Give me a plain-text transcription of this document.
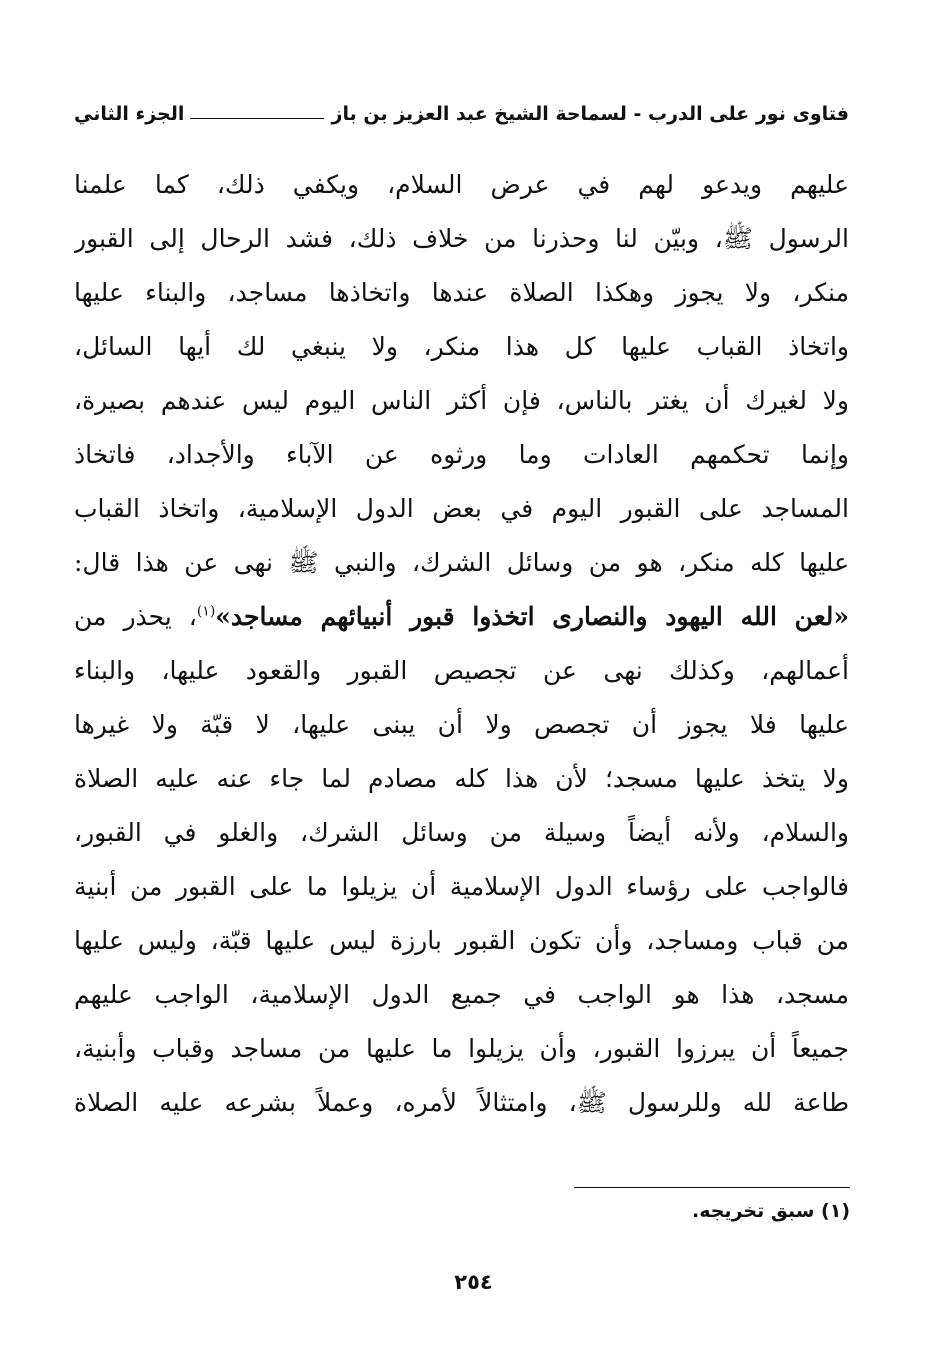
فتاوى نور على الدرب - لسماحة الشيخ عبد العزيز بن باز
الجزء الثاني
عليهم ويدعو لهم في عرض السلام، ويكفي ذلك، كما علمنا
الرسول ﷺ، وبيّن لنا وحذرنا من خلاف ذلك، فشد الرحال إلى القبور
منكر، ولا يجوز وهكذا الصلاة عندها واتخاذها مساجد، والبناء عليها
واتخاذ القباب عليها كل هذا منكر، ولا ينبغي لك أيها السائل،
ولا لغيرك أن يغتر بالناس، فإن أكثر الناس اليوم ليس عندهم بصيرة،
وإنما تحكمهم العادات وما ورثوه عن الآباء والأجداد، فاتخاذ
المساجد على القبور اليوم في بعض الدول الإسلامية، واتخاذ القباب
عليها كله منكر، هو من وسائل الشرك، والنبي ﷺ نهى عن هذا قال:
«لعن الله اليهود والنصارى اتخذوا قبور أنبيائهم مساجد»$^{(١)}$، يحذر من
أعمالهم، وكذلك نهى عن تجصيص القبور والقعود عليها، والبناء
عليها فلا يجوز أن تجصص ولا أن يبنى عليها، لا قبّة ولا غيرها
ولا يتخذ عليها مسجد؛ لأن هذا كله مصادم لما جاء عنه عليه الصلاة
والسلام، ولأنه أيضاً وسيلة من وسائل الشرك، والغلو في القبور،
فالواجب على رؤساء الدول الإسلامية أن يزيلوا ما على القبور من أبنية
من قباب ومساجد، وأن تكون القبور بارزة ليس عليها قبّة، وليس عليها
مسجد، هذا هو الواجب في جميع الدول الإسلامية، الواجب عليهم
جميعاً أن يبرزوا القبور، وأن يزيلوا ما عليها من مساجد وقباب وأبنية،
طاعة لله وللرسول ﷺ، وامتثالاً لأمره، وعملاً بشرعه عليه الصلاة
(١) سبق تخريجه.
٢٥٤
